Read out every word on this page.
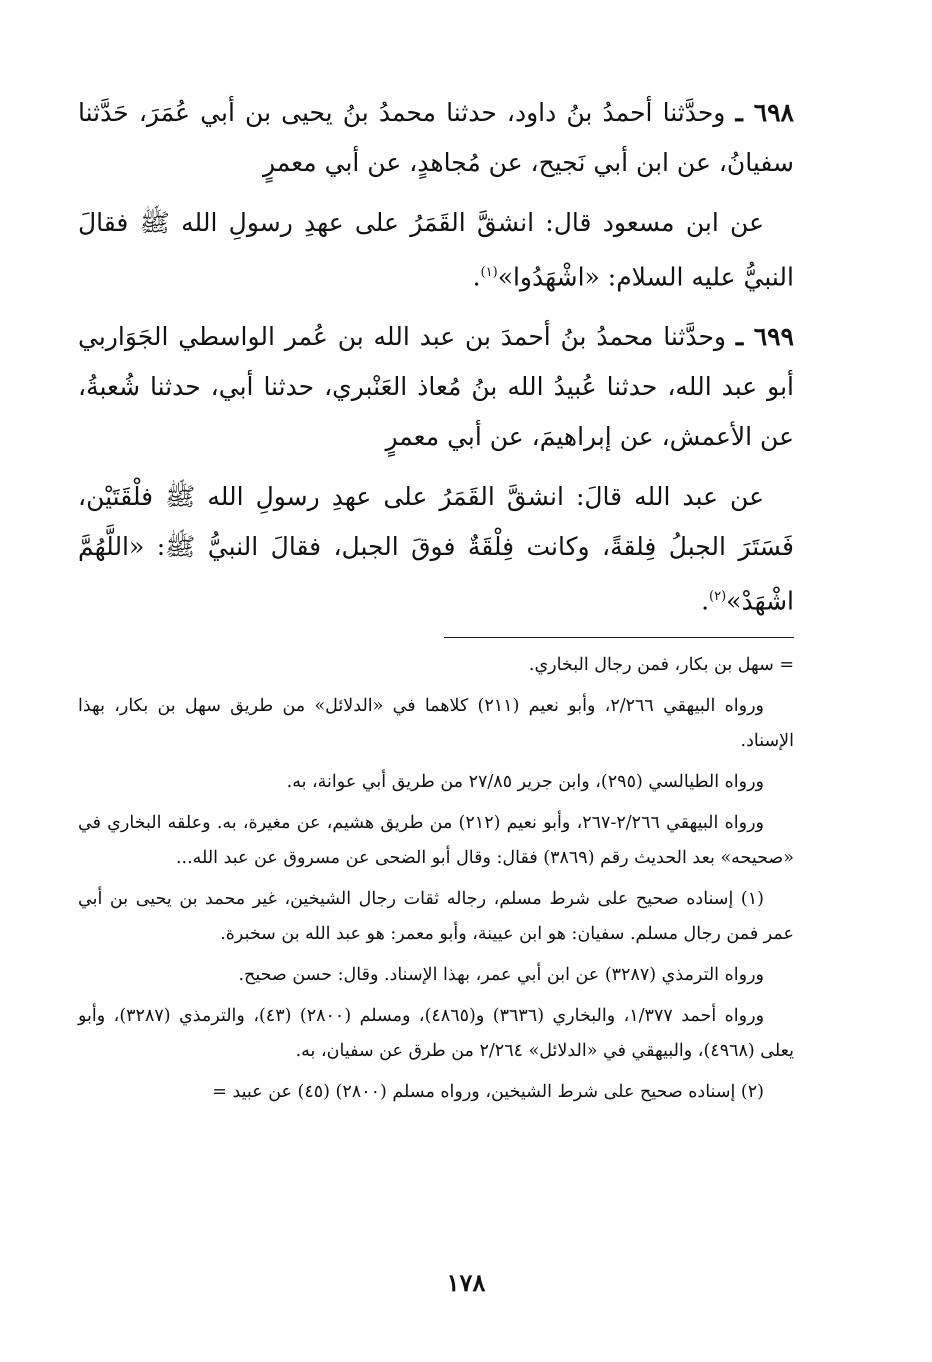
٦٩٨ ـ وحدَّثنا أحمدُ بنُ داود، حدثنا محمدُ بنُ يحيى بن أبي عُمَرَ، حَدَّثنا سفيانُ، عن ابن أبي نَجيح، عن مُجاهدٍ، عن أبي معمرٍ

عن ابن مسعود قال: انشقَّ القَمَرُ على عهدِ رسولِ الله ﷺ فقالَ النبيُّ عليه السلام: «اشْهَدُوا»$^{(١)}$.

٦٩٩ ـ وحدَّثنا محمدُ بنُ أحمدَ بن عبد الله بن عُمر الواسطي الجَوَاربي أبو عبد الله، حدثنا عُبيدُ الله بنُ مُعاذ العَنْبري، حدثنا أبي، حدثنا شُعبةُ، عن الأعمش، عن إبراهيمَ، عن أبي معمرٍ

عن عبد الله قالَ: انشقَّ القَمَرُ على عهدِ رسولِ الله ﷺ فلْقَتَيْن، فَسَتَرَ الجبلُ فِلقةً، وكانت فِلْقَةٌ فوقَ الجبل، فقالَ النبيُّ ﷺ: «اللَّهُمَّ اشْهَدْ»$^{(٢)}$.

= سهل بن بكار، فمن رجال البخاري.

ورواه البيهقي ٢/٢٦٦، وأبو نعيم (٢١١) كلاهما في «الدلائل» من طريق سهل بن بكار، بهذا الإسناد.

ورواه الطيالسي (٢٩٥)، وابن جرير ٢٧/٨٥ من طريق أبي عوانة، به.

ورواه البيهقي ٢/٢٦٦-٢٦٧، وأبو نعيم (٢١٢) من طريق هشيم، عن مغيرة، به. وعلقه البخاري في «صحيحه» بعد الحديث رقم (٣٨٦٩) فقال: وقال أبو الضحى عن مسروق عن عبد الله...

(١) إسناده صحيح على شرط مسلم، رجاله ثقات رجال الشيخين، غير محمد بن يحيى بن أبي عمر فمن رجال مسلم. سفيان: هو ابن عيينة، وأبو معمر: هو عبد الله بن سخبرة.

ورواه الترمذي (٣٢٨٧) عن ابن أبي عمر، بهذا الإسناد. وقال: حسن صحيح.

ورواه أحمد ١/٣٧٧، والبخاري (٣٦٣٦) و(٤٨٦٥)، ومسلم (٢٨٠٠) (٤٣)، والترمذي (٣٢٨٧)، وأبو يعلى (٤٩٦٨)، والبيهقي في «الدلائل» ٢/٢٦٤ من طرق عن سفيان، به.

(٢) إسناده صحيح على شرط الشيخين، ورواه مسلم (٢٨٠٠) (٤٥) عن عبيد =

١٧٨
